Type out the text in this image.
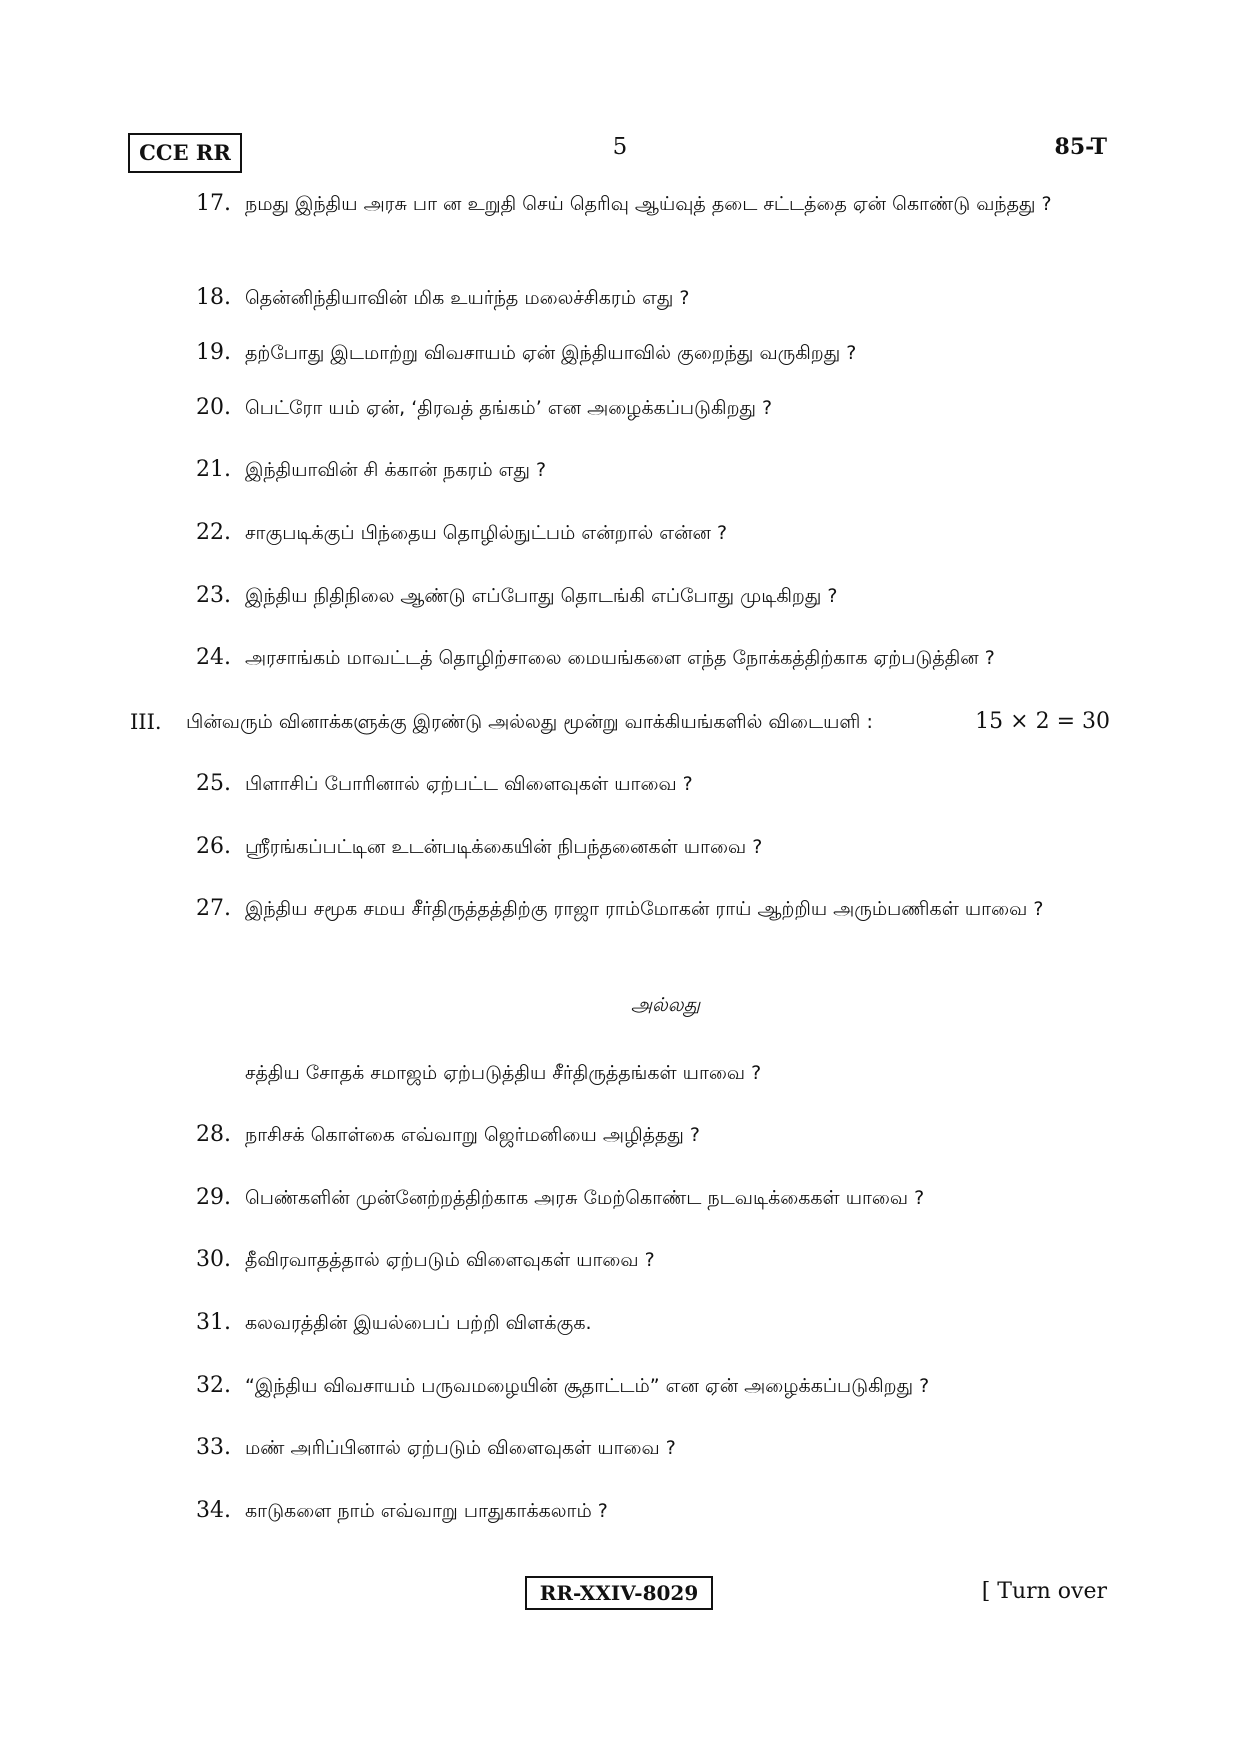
CCE RR	5	85-T
17. நமது இந்திய அரசு பா ன உறுதி செய் தெரிவு ஆய்வுத் தடை சட்டத்தை ஏன் கொண்டு வந்தது ?
18. தென்னிந்தியாவின் மிக உயர்ந்த மலைச்சிகரம் எது ?
19. தற்போது இடமாற்று விவசாயம் ஏன் இந்தியாவில் குறைந்து வருகிறது ?
20. பெட்ரோ யம் ஏன், ‘திரவத் தங்கம்’ என அழைக்கப்படுகிறது ?
21. இந்தியாவின் சி க்கான் நகரம் எது ?
22. சாகுபடிக்குப் பிந்தைய தொழில்நுட்பம் என்றால் என்ன ?
23. இந்திய நிதிநிலை ஆண்டு எப்போது தொடங்கி எப்போது முடிகிறது ?
24. அரசாங்கம் மாவட்டத் தொழிற்சாலை மையங்களை எந்த நோக்கத்திற்காக ஏற்படுத்தின ?
III. பின்வரும் வினாக்களுக்கு இரண்டு அல்லது மூன்று வாக்கியங்களில் விடையளி :	15 × 2 = 30
25. பிளாசிப் போரினால் ஏற்பட்ட விளைவுகள் யாவை ?
26. ஸ்ரீரங்கப்பட்டின உடன்படிக்கையின் நிபந்தனைகள் யாவை ?
27. இந்திய சமூக சமய சீர்திருத்தத்திற்கு ராஜா ராம்மோகன் ராய் ஆற்றிய அரும்பணிகள் யாவை ?
அல்லது
சத்திய சோதக் சமாஜம் ஏற்படுத்திய சீர்திருத்தங்கள் யாவை ?
28. நாசிசக் கொள்கை எவ்வாறு ஜெர்மனியை அழித்தது ?
29. பெண்களின் முன்னேற்றத்திற்காக அரசு மேற்கொண்ட நடவடிக்கைகள் யாவை ?
30. தீவிரவாதத்தால் ஏற்படும் விளைவுகள் யாவை ?
31. கலவரத்தின் இயல்பைப் பற்றி விளக்குக.
32. “இந்திய விவசாயம் பருவமழையின் சூதாட்டம்” என ஏன் அழைக்கப்படுகிறது ?
33. மண் அரிப்பினால் ஏற்படும் விளைவுகள் யாவை ?
34. காடுகளை நாம் எவ்வாறு பாதுகாக்கலாம் ?
RR-XXIV-8029	[ Turn over
